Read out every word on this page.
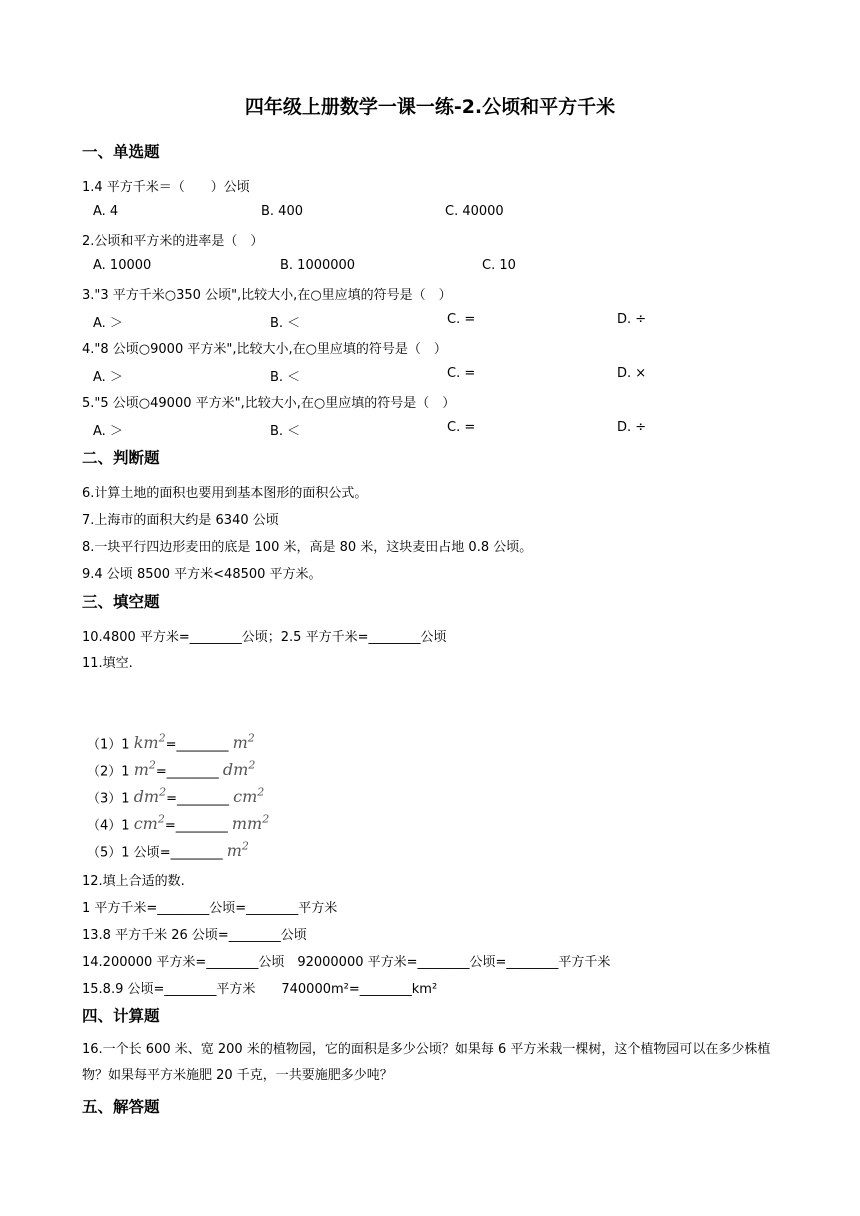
四年级上册数学一课一练-2.公顷和平方千米
一、单选题
1.4 平方千米＝（　　）公顷
A. 4	B. 400	C. 40000
2.公顷和平方米的进率是（　）
A. 10000	B. 1000000	C. 10
3."3 平方千米○350 公顷",比较大小,在○里应填的符号是（　）
A. ＞	B. ＜	C. =	D. ÷
4."8 公顷○9000 平方米",比较大小,在○里应填的符号是（　）
A. ＞	B. ＜	C. =	D. ×
5."5 公顷○49000 平方米",比较大小,在○里应填的符号是（　）
A. ＞	B. ＜	C. =	D. ÷
二、判断题
6.计算土地的面积也要用到基本图形的面积公式。
7.上海市的面积大约是 6340 公顷
8.一块平行四边形麦田的底是 100 米，高是 80 米，这块麦田占地 0.8 公顷。
9.4 公顷 8500 平方米<48500 平方米。
三、填空题
10.4800 平方米=________公顷；2.5 平方千米=________公顷
11.填空.
（1）1 $km^2=\_\_\_\_\_\_\_\_$ $m^2$
（2）1 $m^2=\_\_\_\_\_\_\_\_$ $dm^2$
（3）1 $dm^2=\_\_\_\_\_\_\_\_$ $cm^2$
（4）1 $cm^2=\_\_\_\_\_\_\_\_$ $mm^2$
（5）1 公顷=________ $m^2$
12.填上合适的数.
1 平方千米=________公顷=________平方米
13.8 平方千米 26 公顷=________公顷
14.200000 平方米=________公顷　92000000 平方米=________公顷=________平方千米
15.8.9 公顷=________平方米　　740000m²=________km²
四、计算题
16.一个长 600 米、宽 200 米的植物园，它的面积是多少公顷？如果每 6 平方米栽一棵树，这个植物园可以在多少株植物？如果每平方米施肥 20 千克，一共要施肥多少吨？
五、解答题
